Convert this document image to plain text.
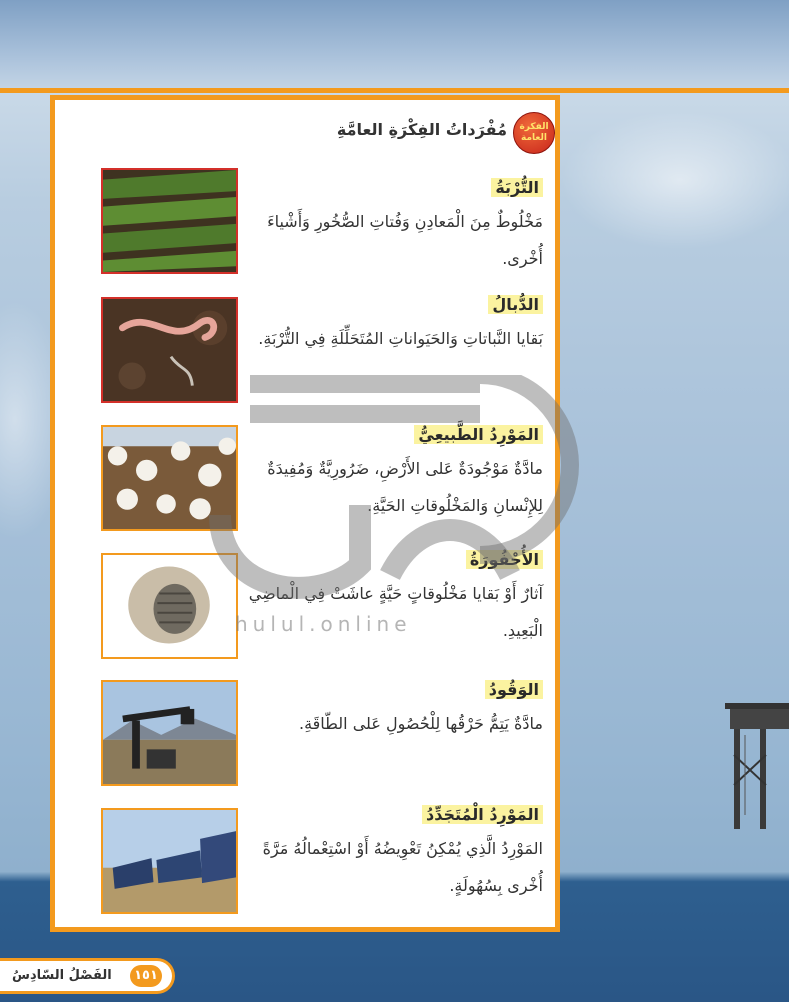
الفكرة العامة
مُفْرَداتُ الفِكْرَةِ العامَّةِ
التُّرْبَةُ
مَخْلُوطٌ مِنَ الْمَعادِنِ وَفُتاتِ الصُّخُورِ وَأَشْياءَ أُخْرى.
الدُّبالُ
بَقايا النَّباتاتِ وَالحَيَواناتِ المُتَحَلِّلَةِ فِي التُّرْبَةِ.
المَوْرِدُ الطَّبيعِيُّ
مادَّةٌ مَوْجُودَةٌ عَلى الأَرْضِ، ضَرُورِيَّةٌ وَمُفِيدَةٌ لِلإِنْسانِ وَالمَخْلُوقاتِ الحَيَّةِ.
الأُحْفُورَةُ
آثارٌ أَوْ بَقايا مَخْلُوقاتٍ حَيَّةٍ عاشَتْ فِي الْماضِي الْبَعِيدِ.
الوَقُودُ
مادَّةٌ يَتِمُّ حَرْقُها لِلْحُصُولِ عَلى الطّاقَةِ.
المَوْرِدُ الْمُتَجَدِّدُ
المَوْرِدُ الَّذِي يُمْكِنُ تَعْوِيضُهُ أَوْ اسْتِعْمالُهُ مَرَّةً أُخْرى بِسُهُولَةٍ.
hulul.online
١٥١
الفَصْلُ السّادِسُ
